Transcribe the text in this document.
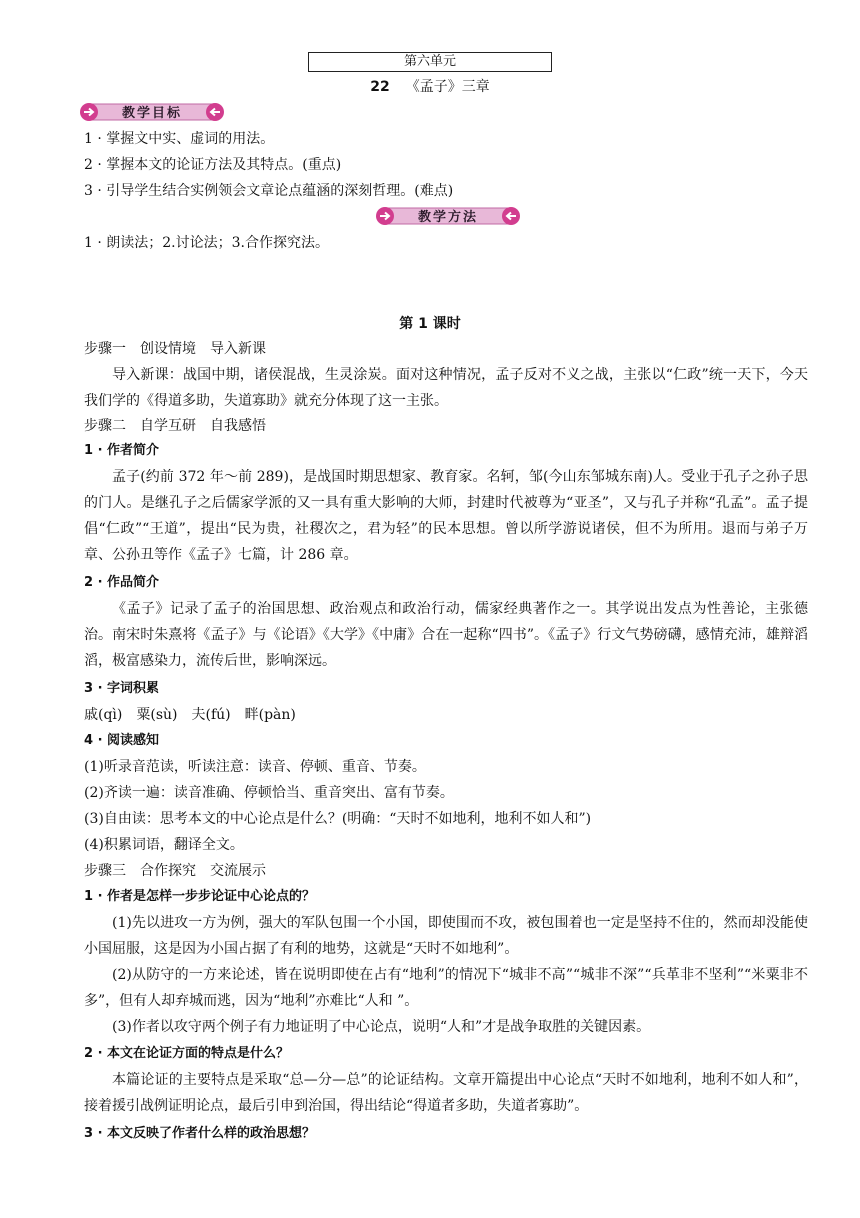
第六单元
22 《孟子》三章
教学目标
1 · 掌握文中实、虚词的用法。
2 · 掌握本文的论证方法及其特点。(重点)
3 · 引导学生结合实例领会文章论点蕴涵的深刻哲理。(难点)
教学方法
1 · 朗读法；2.讨论法；3.合作探究法。
第 1 课时
步骤一　创设情境　导入新课
导入新课：战国中期，诸侯混战，生灵涂炭。面对这种情况，孟子反对不义之战，主张以“仁政”统一天下，今天我们学的《得道多助，失道寡助》就充分体现了这一主张。
步骤二　自学互研　自我感悟
1 · 作者简介
孟子(约前 372 年～前 289)，是战国时期思想家、教育家。名轲，邹(今山东邹城东南)人。受业于孔子之孙子思的门人。是继孔子之后儒家学派的又一具有重大影响的大师，封建时代被尊为“亚圣”，又与孔子并称“孔孟”。孟子提倡“仁政”“王道”，提出“民为贵，社稷次之，君为轻”的民本思想。曾以所学游说诸侯，但不为所用。退而与弟子万章、公孙丑等作《孟子》七篇，计 286 章。
2 · 作品简介
《孟子》记录了孟子的治国思想、政治观点和政治行动，儒家经典著作之一。其学说出发点为性善论，主张德治。南宋时朱熹将《孟子》与《论语》《大学》《中庸》合在一起称“四书”。《孟子》行文气势磅礴，感情充沛，雄辩滔滔，极富感染力，流传后世，影响深远。
3 · 字词积累
戚(qì)　粟(sù)　夫(fú)　畔(pàn)
4 · 阅读感知
(1)听录音范读，听读注意：读音、停顿、重音、节奏。
(2)齐读一遍：读音准确、停顿恰当、重音突出、富有节奏。
(3)自由读：思考本文的中心论点是什么？(明确：“天时不如地利，地利不如人和”)
(4)积累词语，翻译全文。
步骤三　合作探究　交流展示
1 · 作者是怎样一步步论证中心论点的？
(1)先以进攻一方为例，强大的军队包围一个小国，即使围而不攻，被包围着也一定是坚持不住的，然而却没能使小国屈服，这是因为小国占据了有利的地势，这就是“天时不如地利”。
(2)从防守的一方来论述，皆在说明即使在占有“地利”的情况下“城非不高”“城非不深”“兵革非不坚利”“米粟非不多”，但有人却弃城而逃，因为“地利”亦难比“人和 ”。
(3)作者以攻守两个例子有力地证明了中心论点，说明“人和”才是战争取胜的关键因素。
2 · 本文在论证方面的特点是什么？
本篇论证的主要特点是采取“总—分—总”的论证结构。文章开篇提出中心论点“天时不如地利，地利不如人和”，接着援引战例证明论点，最后引申到治国，得出结论“得道者多助，失道者寡助”。
3 · 本文反映了作者什么样的政治思想？
